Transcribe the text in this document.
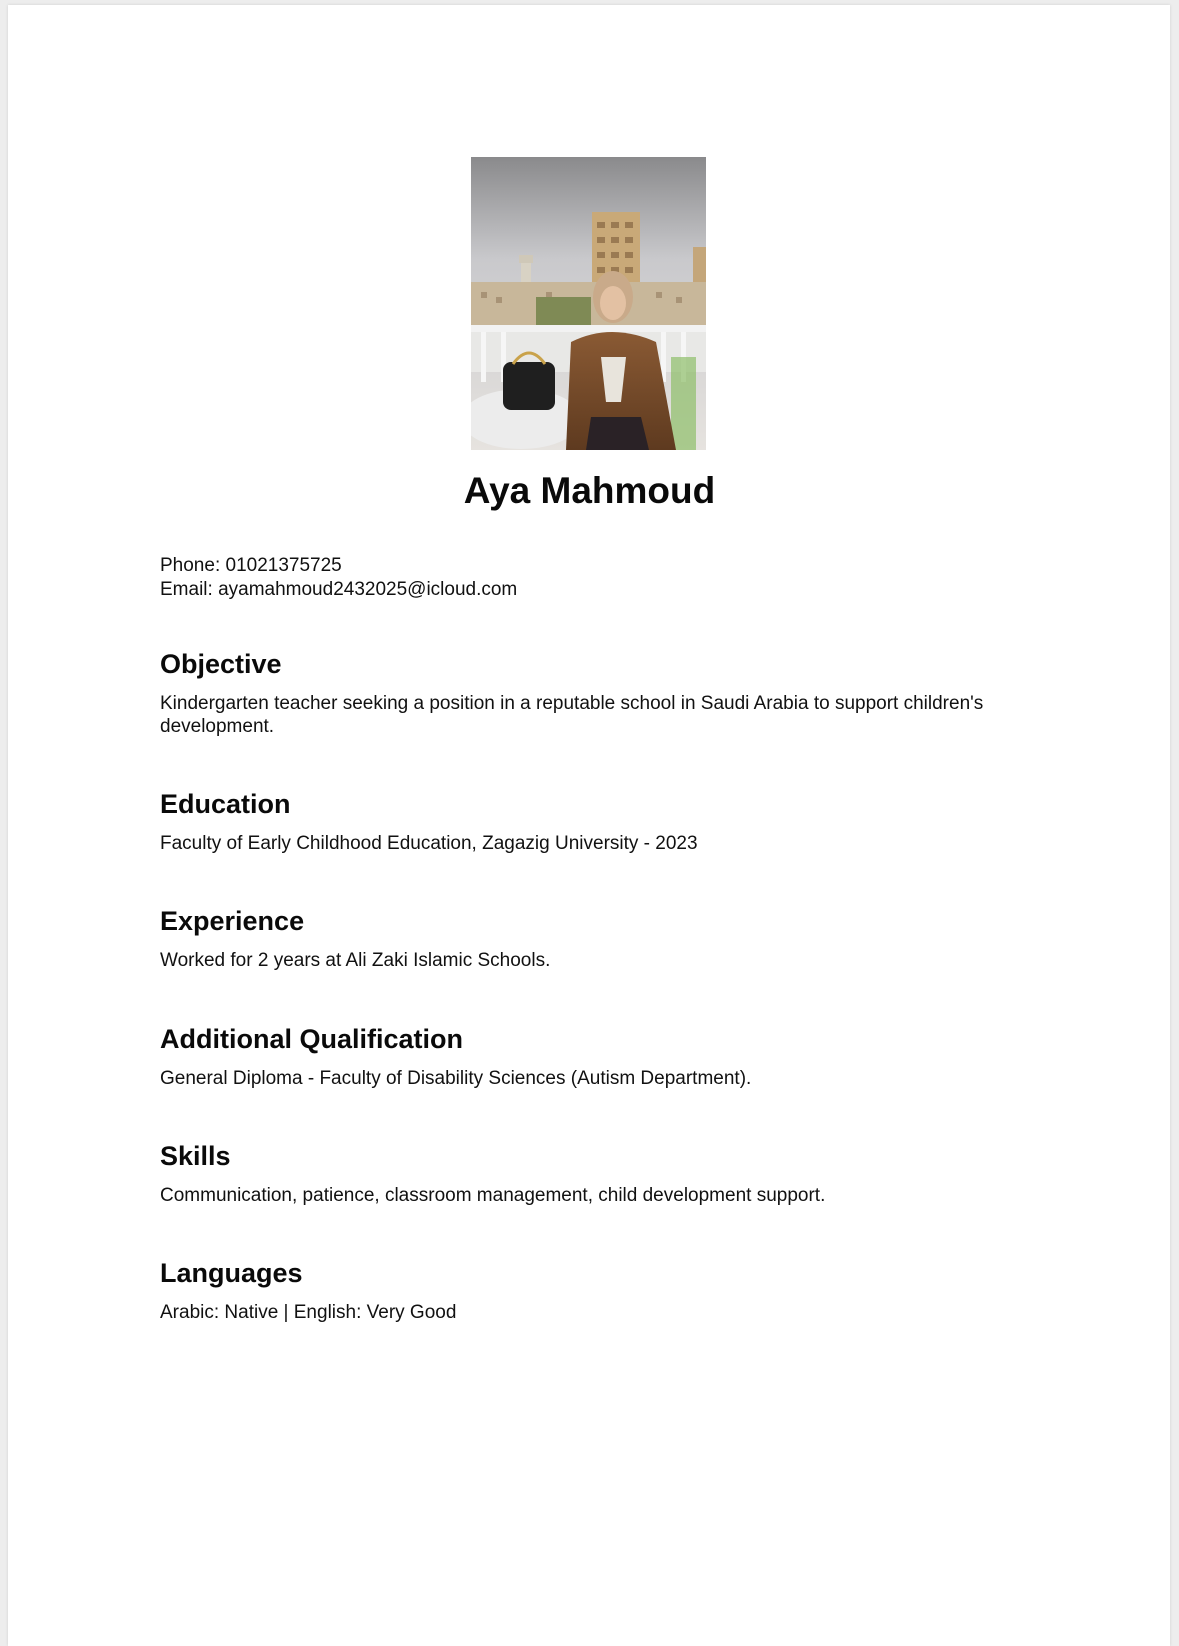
Aya Mahmoud
Phone: 01021375725
Email: ayamahmoud2432025@icloud.com
Objective

Kindergarten teacher seeking a position in a reputable school in Saudi Arabia to support children's development.

Education

Faculty of Early Childhood Education, Zagazig University - 2023

Experience

Worked for 2 years at Ali Zaki Islamic Schools.

Additional Qualification

General Diploma - Faculty of Disability Sciences (Autism Department).

Skills

Communication, patience, classroom management, child development support.

Languages

Arabic: Native | English: Very Good
